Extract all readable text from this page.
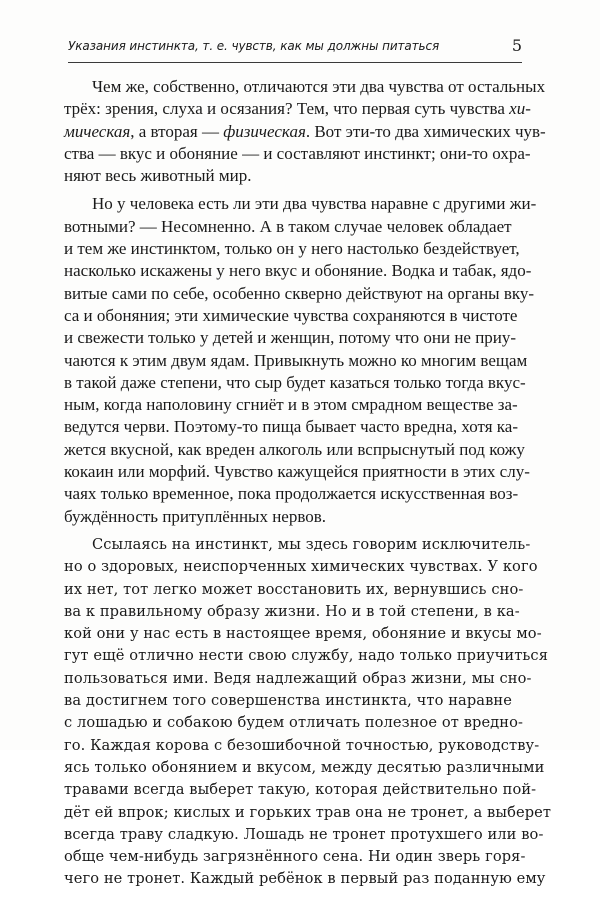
Указания инстинкта, т. е. чувств, как мы должны питаться	5
Чем же, собственно, отличаются эти два чувства от остальных
трёх: зрения, слуха и осязания? Тем, что первая суть чувства хи-
мическая, а вторая — физическая. Вот эти-то два химических чув-
ства — вкус и обоняние — и составляют инстинкт; они-то охра-
няют весь животный мир.
Но у человека есть ли эти два чувства наравне с другими жи-
вотными? — Несомненно. А в таком случае человек обладает
и тем же инстинктом, только он у него настолько бездействует,
насколько искажены у него вкус и обоняние. Водка и табак, ядо-
витые сами по себе, особенно скверно действуют на органы вку-
са и обоняния; эти химические чувства сохраняются в чистоте
и свежести только у детей и женщин, потому что они не приу-
чаются к этим двум ядам. Привыкнуть можно ко многим вещам
в такой даже степени, что сыр будет казаться только тогда вкус-
ным, когда наполовину сгниёт и в этом смрадном веществе за-
ведутся черви. Поэтому-то пища бывает часто вредна, хотя ка-
жется вкусной, как вреден алкоголь или вспрыснутый под кожу
кокаин или морфий. Чувство кажущейся приятности в этих слу-
чаях только временное, пока продолжается искусственная воз-
буждённость притуплённых нервов.
Ссылаясь на инстинкт, мы здесь говорим исключитель-
но о здоровых, неиспорченных химических чувствах. У кого
их нет, тот легко может восстановить их, вернувшись сно-
ва к правильному образу жизни. Но и в той степени, в ка-
кой они у нас есть в настоящее время, обоняние и вкусы мо-
гут ещё отлично нести свою службу, надо только приучиться
пользоваться ими. Ведя надлежащий образ жизни, мы сно-
ва достигнем того совершенства инстинкта, что наравне
с лошадью и собакою будем отличать полезное от вредно-
го. Каждая корова с безошибочной точностью, руководству-
ясь только обонянием и вкусом, между десятью различными
травами всегда выберет такую, которая действительно пой-
дёт ей впрок; кислых и горьких трав она не тронет, а выберет
всегда траву сладкую. Лошадь не тронет протухшего или во-
обще чем-нибудь загрязнённого сена. Ни один зверь горя-
чего не тронет. Каждый ребёнок в первый раз поданную ему
